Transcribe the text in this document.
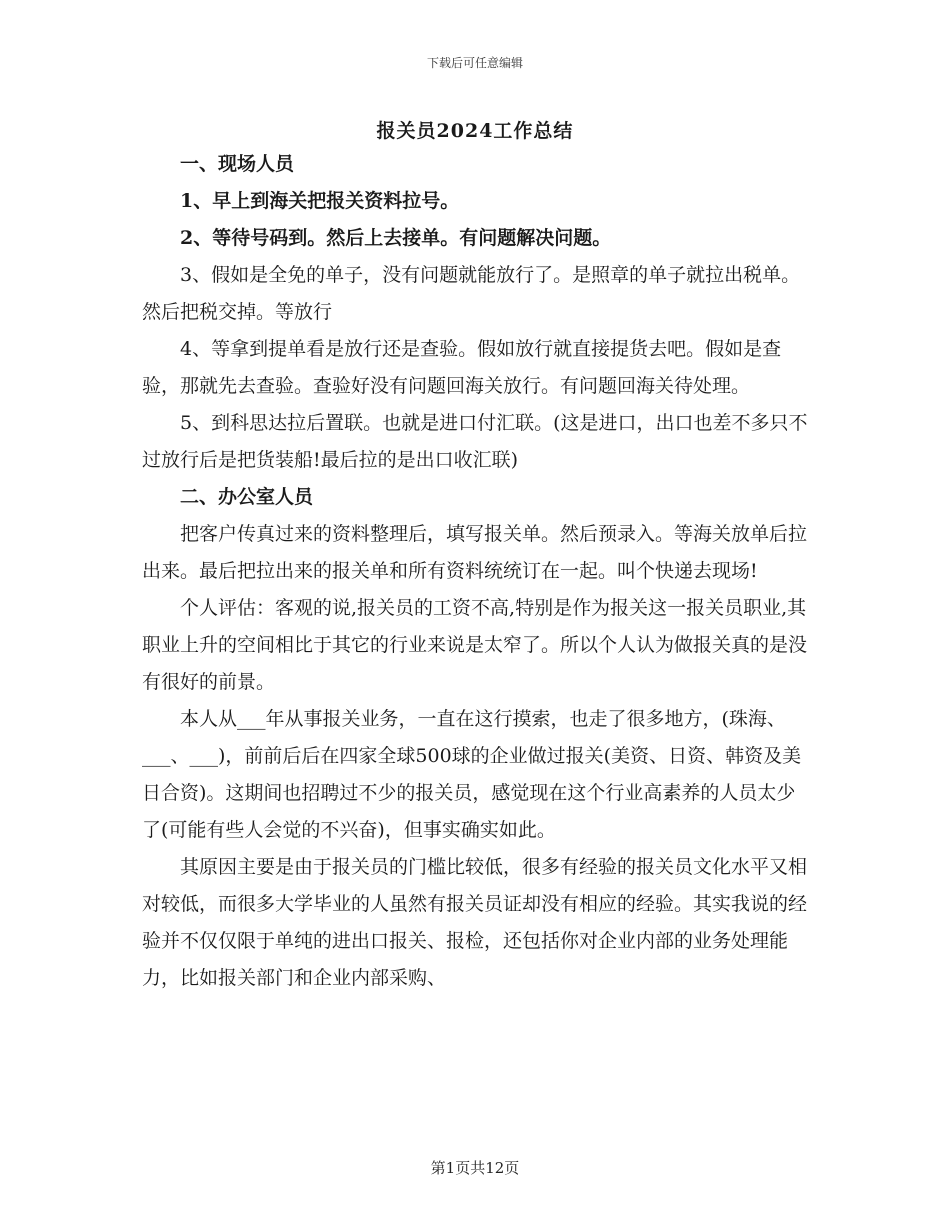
下载后可任意编辑
报关员2024工作总结

一、现场人员

1、早上到海关把报关资料拉号。

2、等待号码到。然后上去接单。有问题解决问题。

3、假如是全免的单子，没有问题就能放行了。是照章的单子就拉出税单。然后把税交掉。等放行

4、等拿到提单看是放行还是查验。假如放行就直接提货去吧。假如是查验，那就先去查验。查验好没有问题回海关放行。有问题回海关待处理。

5、到科思达拉后置联。也就是进口付汇联。(这是进口，出口也差不多只不过放行后是把货装船!最后拉的是出口收汇联)

二、办公室人员

把客户传真过来的资料整理后，填写报关单。然后预录入。等海关放单后拉出来。最后把拉出来的报关单和所有资料统统订在一起。叫个快递去现场!

个人评估：客观的说,报关员的工资不高,特别是作为报关这一报关员职业,其职业上升的空间相比于其它的行业来说是太窄了。所以个人认为做报关真的是没有很好的前景。

本人从___年从事报关业务，一直在这行摸索，也走了很多地方，(珠海、___、___)，前前后后在四家全球500球的企业做过报关(美资、日资、韩资及美日合资)。这期间也招聘过不少的报关员，感觉现在这个行业高素养的人员太少了(可能有些人会觉的不兴奋)，但事实确实如此。

其原因主要是由于报关员的门槛比较低，很多有经验的报关员文化水平又相对较低，而很多大学毕业的人虽然有报关员证却没有相应的经验。其实我说的经验并不仅仅限于单纯的进出口报关、报检，还包括你对企业内部的业务处理能力，比如报关部门和企业内部采购、

第1页共12页
